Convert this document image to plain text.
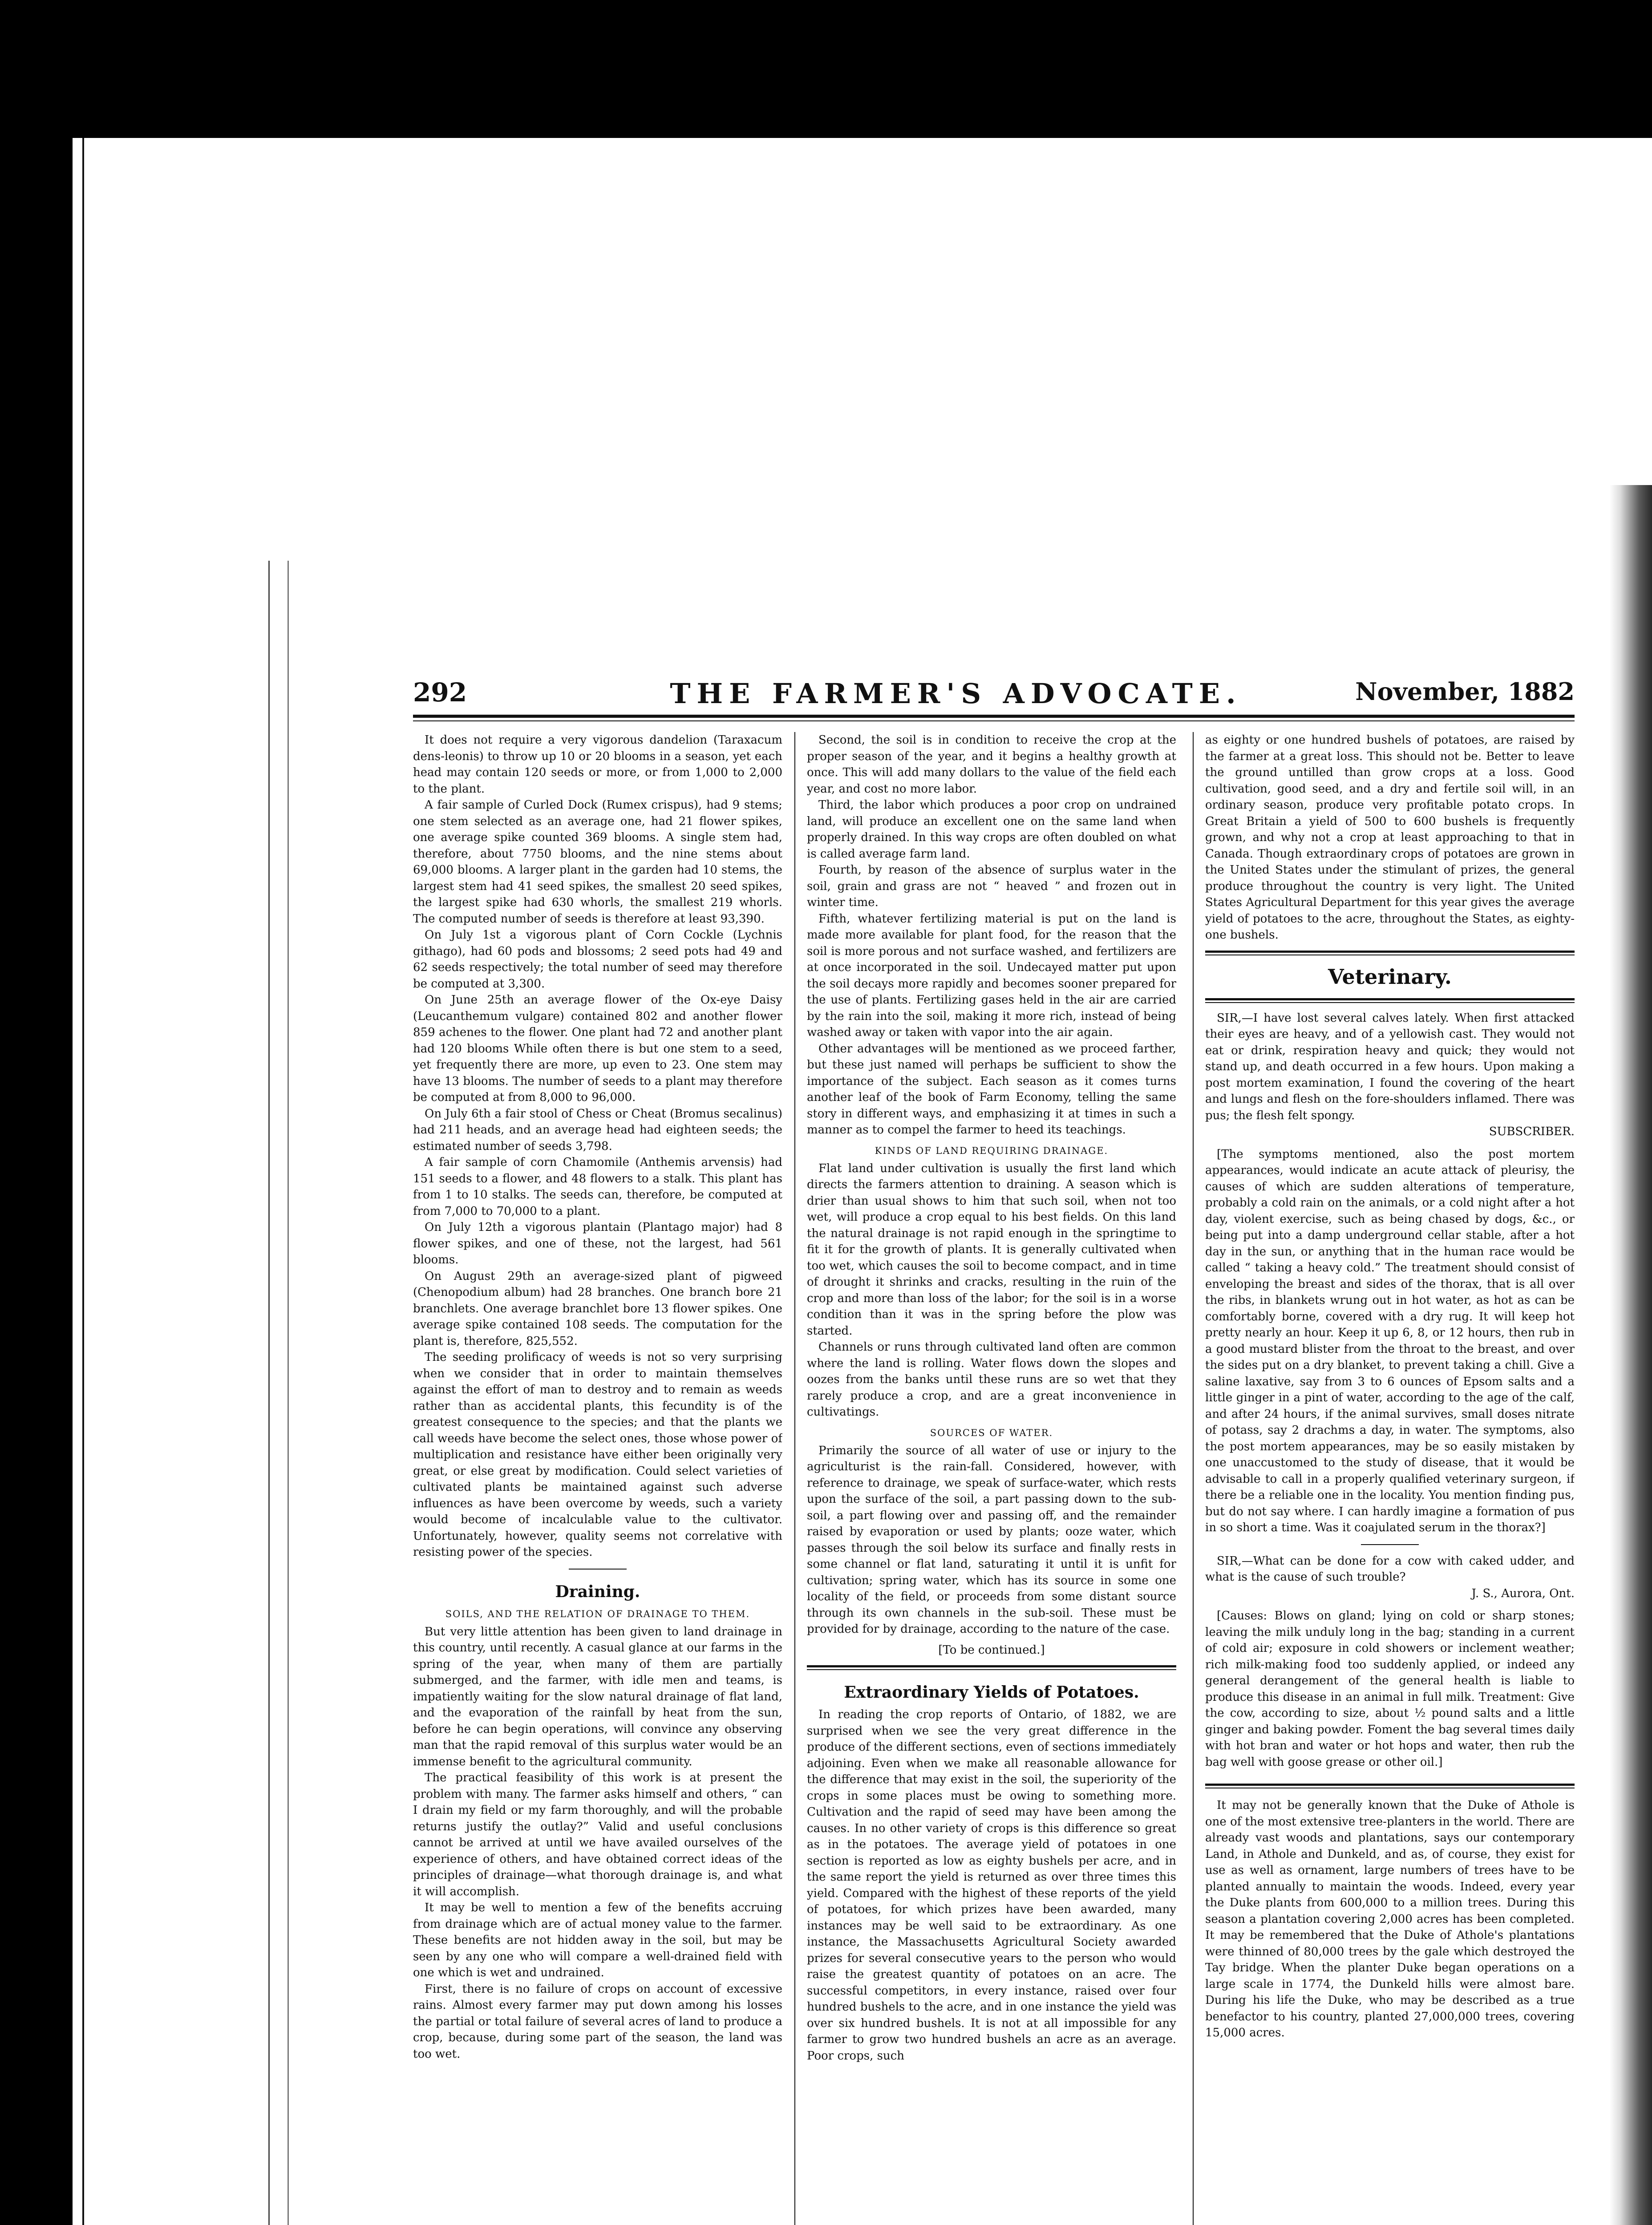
292	THE FARMER'S ADVOCATE.	November, 1882

It does not require a very vigorous dandelion (Taraxacum dens-leonis) to throw up 10 or 20 blooms in a season, yet each head may contain 120 seeds or more, or from 1,000 to 2,000 to the plant.

A fair sample of Curled Dock (Rumex crispus), had 9 stems; one stem selected as an average one, had 21 flower spikes, one average spike counted 369 blooms. A single stem had, therefore, about 7750 blooms, and the nine stems about 69,000 blooms. A larger plant in the garden had 10 stems, the largest stem had 41 seed spikes, the smallest 20 seed spikes, the largest spike had 630 whorls, the smallest 219 whorls. The computed number of seeds is therefore at least 93,390.

On July 1st a vigorous plant of Corn Cockle (Lychnis githago), had 60 pods and blossoms; 2 seed pots had 49 and 62 seeds respectively; the total number of seed may therefore be computed at 3,300.

On June 25th an average flower of the Ox-eye Daisy (Leucanthemum vulgare) contained 802 and another flower 859 achenes to the flower. One plant had 72 and another plant had 120 blooms While often there is but one stem to a seed, yet frequently there are more, up even to 23. One stem may have 13 blooms. The number of seeds to a plant may therefore be computed at from 8,000 to 96,000.

On July 6th a fair stool of Chess or Cheat (Bromus secalinus) had 211 heads, and an average head had eighteen seeds; the estimated number of seeds 3,798.

A fair sample of corn Chamomile (Anthemis arvensis) had 151 seeds to a flower, and 48 flowers to a stalk. This plant has from 1 to 10 stalks. The seeds can, therefore, be computed at from 7,000 to 70,000 to a plant.

On July 12th a vigorous plantain (Plantago major) had 8 flower spikes, and one of these, not the largest, had 561 blooms.

On August 29th an average-sized plant of pigweed (Chenopodium album) had 28 branches. One branch bore 21 branchlets. One average branchlet bore 13 flower spikes. One average spike contained 108 seeds. The computation for the plant is, therefore, 825,552.

The seeding prolificacy of weeds is not so very surprising when we consider that in order to maintain themselves against the effort of man to destroy and to remain as weeds rather than as accidental plants, this fecundity is of the greatest consequence to the species; and that the plants we call weeds have become the select ones, those whose power of multiplication and resistance have either been originally very great, or else great by modification. Could select varieties of cultivated plants be maintained against such adverse influences as have been overcome by weeds, such a variety would become of incalculable value to the cultivator. Unfortunately, however, quality seems not correlative with resisting power of the species.

Draining.
SOILS, AND THE RELATION OF DRAINAGE TO THEM.

But very little attention has been given to land drainage in this country, until recently. A casual glance at our farms in the spring of the year, when many of them are partially submerged, and the farmer, with idle men and teams, is impatiently waiting for the slow natural drainage of flat land, and the evaporation of the rainfall by heat from the sun, before he can begin operations, will convince any observing man that the rapid removal of this surplus water would be an immense benefit to the agricultural community.

The practical feasibility of this work is at present the problem with many. The farmer asks himself and others, “ can I drain my field or my farm thoroughly, and will the probable returns justify the outlay?” Valid and useful conclusions cannot be arrived at until we have availed ourselves of the experience of others, and have obtained correct ideas of the principles of drainage—what thorough drainage is, and what it will accomplish.

It may be well to mention a few of the benefits accruing from drainage which are of actual money value to the farmer. These benefits are not hidden away in the soil, but may be seen by any one who will compare a well-drained field with one which is wet and undrained.

First, there is no failure of crops on account of excessive rains. Almost every farmer may put down among his losses the partial or total failure of several acres of land to produce a crop, because, during some part of the season, the land was too wet.

Second, the soil is in condition to receive the crop at the proper season of the year, and it begins a healthy growth at once. This will add many dollars to the value of the field each year, and cost no more labor.

Third, the labor which produces a poor crop on undrained land, will produce an excellent one on the same land when properly drained. In this way crops are often doubled on what is called average farm land.

Fourth, by reason of the absence of surplus water in the soil, grain and grass are not “ heaved ” and frozen out in winter time.

Fifth, whatever fertilizing material is put on the land is made more available for plant food, for the reason that the soil is more porous and not surface washed, and fertilizers are at once incorporated in the soil. Undecayed matter put upon the soil decays more rapidly and becomes sooner prepared for the use of plants. Fertilizing gases held in the air are carried by the rain into the soil, making it more rich, instead of being washed away or taken with vapor into the air again.

Other advantages will be mentioned as we proceed farther, but these just named will perhaps be sufficient to show the importance of the subject. Each season as it comes turns another leaf of the book of Farm Economy, telling the same story in different ways, and emphasizing it at times in such a manner as to compel the farmer to heed its teachings.

KINDS OF LAND REQUIRING DRAINAGE.

Flat land under cultivation is usually the first land which directs the farmers attention to draining. A season which is drier than usual shows to him that such soil, when not too wet, will produce a crop equal to his best fields. On this land the natural drainage is not rapid enough in the springtime to fit it for the growth of plants. It is generally cultivated when too wet, which causes the soil to become compact, and in time of drought it shrinks and cracks, resulting in the ruin of the crop and more than loss of the labor; for the soil is in a worse condition than it was in the spring before the plow was started.

Channels or runs through cultivated land often are common where the land is rolling. Water flows down the slopes and oozes from the banks until these runs are so wet that they rarely produce a crop, and are a great inconvenience in cultivatings.

SOURCES OF WATER.

Primarily the source of all water of use or injury to the agriculturist is the rain-fall. Considered, however, with reference to drainage, we speak of surface-water, which rests upon the surface of the soil, a part passing down to the sub-soil, a part flowing over and passing off, and the remainder raised by evaporation or used by plants; ooze water, which passes through the soil below its surface and finally rests in some channel or flat land, saturating it until it is unfit for cultivation; spring water, which has its source in some one locality of the field, or proceeds from some distant source through its own channels in the sub-soil. These must be provided for by drainage, according to the nature of the case.

[To be continued.]

Extraordinary Yields of Potatoes.

In reading the crop reports of Ontario, of 1882, we are surprised when we see the very great difference in the produce of the different sections, even of sections immediately adjoining. Even when we make all reasonable allowance for the difference that may exist in the soil, the superiority of the crops in some places must be owing to something more. Cultivation and the rapid of seed may have been among the causes. In no other variety of crops is this difference so great as in the potatoes. The average yield of potatoes in one section is reported as low as eighty bushels per acre, and in the same report the yield is returned as over three times this yield. Compared with the highest of these reports of the yield of potatoes, for which prizes have been awarded, many instances may be well said to be extraordinary. As one instance, the Massachusetts Agricultural Society awarded prizes for several consecutive years to the person who would raise the greatest quantity of potatoes on an acre. The successful competitors, in every instance, raised over four hundred bushels to the acre, and in one instance the yield was over six hundred bushels. It is not at all impossible for any farmer to grow two hundred bushels an acre as an average. Poor crops, such

as eighty or one hundred bushels of potatoes, are raised by the farmer at a great loss. This should not be. Better to leave the ground untilled than grow crops at a loss. Good cultivation, good seed, and a dry and fertile soil will, in an ordinary season, produce very profitable potato crops. In Great Britain a yield of 500 to 600 bushels is frequently grown, and why not a crop at least approaching to that in Canada. Though extraordinary crops of potatoes are grown in the United States under the stimulant of prizes, the general produce throughout the country is very light. The United States Agricultural Department for this year gives the average yield of potatoes to the acre, throughout the States, as eighty-one bushels.

Veterinary.

SIR,—I have lost several calves lately. When first attacked their eyes are heavy, and of a yellowish cast. They would not eat or drink, respiration heavy and quick; they would not stand up, and death occurred in a few hours. Upon making a post mortem examination, I found the covering of the heart and lungs and flesh on the fore-shoulders inflamed. There was pus; the flesh felt spongy.

SUBSCRIBER.

[The symptoms mentioned, also the post mortem appearances, would indicate an acute attack of pleurisy, the causes of which are sudden alterations of temperature, probably a cold rain on the animals, or a cold night after a hot day, violent exercise, such as being chased by dogs, &c., or being put into a damp underground cellar stable, after a hot day in the sun, or anything that in the human race would be called “ taking a heavy cold.” The treatment should consist of enveloping the breast and sides of the thorax, that is all over the ribs, in blankets wrung out in hot water, as hot as can be comfortably borne, covered with a dry rug. It will keep hot pretty nearly an hour. Keep it up 6, 8, or 12 hours, then rub in a good mustard blister from the throat to the breast, and over the sides put on a dry blanket, to prevent taking a chill. Give a saline laxative, say from 3 to 6 ounces of Epsom salts and a little ginger in a pint of water, according to the age of the calf, and after 24 hours, if the animal survives, small doses nitrate of potass, say 2 drachms a day, in water. The symptoms, also the post mortem appearances, may be so easily mistaken by one unaccustomed to the study of disease, that it would be advisable to call in a properly qualified veterinary surgeon, if there be a reliable one in the locality. You mention finding pus, but do not say where. I can hardly imagine a formation of pus in so short a time. Was it coajulated serum in the thorax?]

SIR,—What can be done for a cow with caked udder, and what is the cause of such trouble?

J. S., Aurora, Ont.

[Causes: Blows on gland; lying on cold or sharp stones; leaving the milk unduly long in the bag; standing in a current of cold air; exposure in cold showers or inclement weather; rich milk-making food too suddenly applied, or indeed any general derangement of the general health is liable to produce this disease in an animal in full milk. Treatment: Give the cow, according to size, about ½ pound salts and a little ginger and baking powder. Foment the bag several times daily with hot bran and water or hot hops and water, then rub the bag well with goose grease or other oil.]

It may not be generally known that the Duke of Athole is one of the most extensive tree-planters in the world. There are already vast woods and plantations, says our contemporary Land, in Athole and Dunkeld, and as, of course, they exist for use as well as ornament, large numbers of trees have to be planted annually to maintain the woods. Indeed, every year the Duke plants from 600,000 to a million trees. During this season a plantation covering 2,000 acres has been completed. It may be remembered that the Duke of Athole's plantations were thinned of 80,000 trees by the gale which destroyed the Tay bridge. When the planter Duke began operations on a large scale in 1774, the Dunkeld hills were almost bare. During his life the Duke, who may be described as a true benefactor to his country, planted 27,000,000 trees, covering 15,000 acres.
